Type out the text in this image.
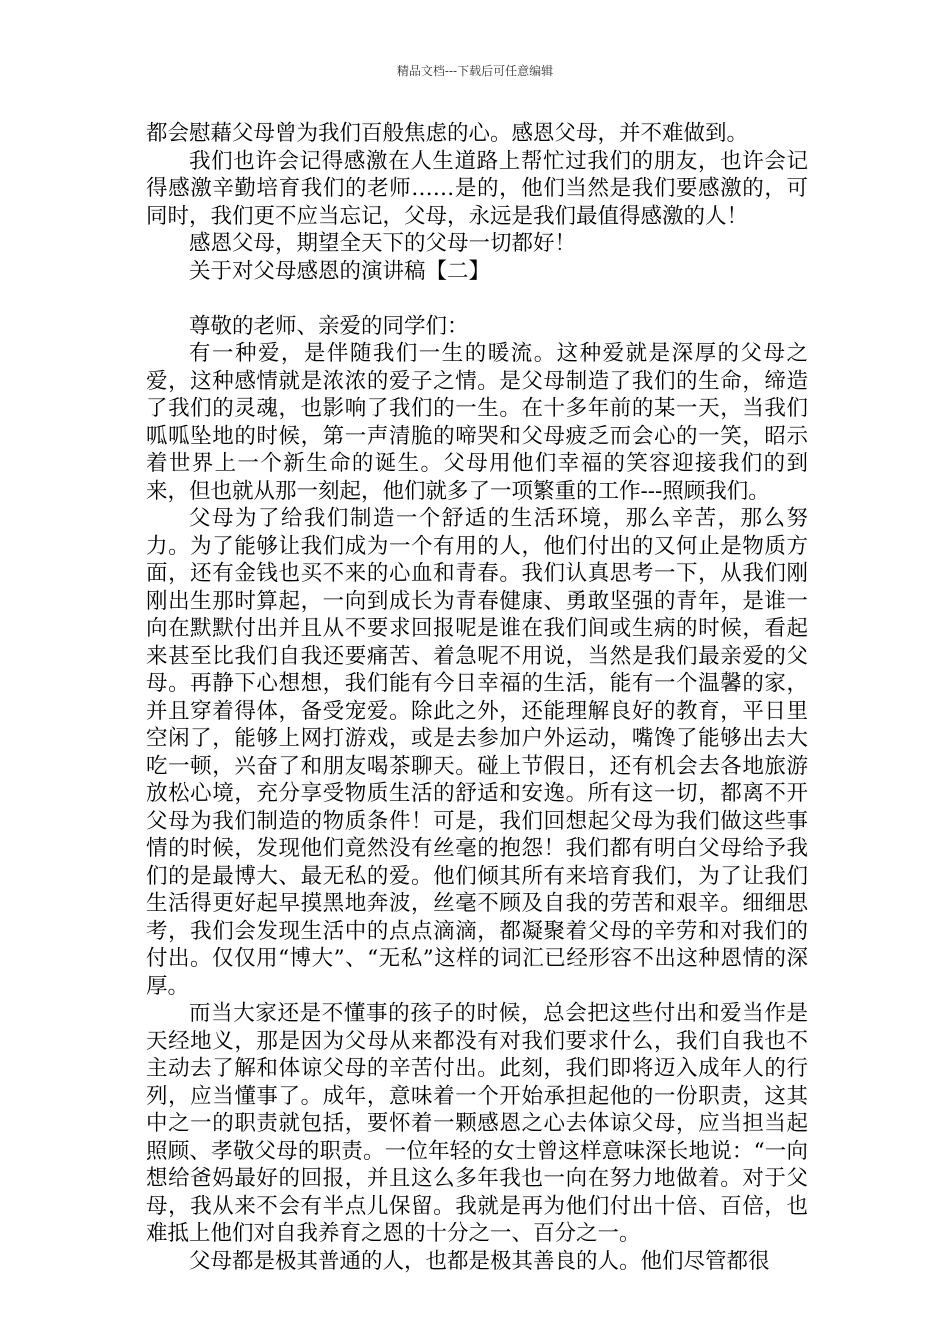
精品文档---下载后可任意编辑

都会慰藉父母曾为我们百般焦虑的心。感恩父母，并不难做到。

我们也许会记得感激在人生道路上帮忙过我们的朋友，也许会记得感激辛勤培育我们的老师……是的，他们当然是我们要感激的，可同时，我们更不应当忘记，父母，永远是我们最值得感激的人！

感恩父母，期望全天下的父母一切都好！

关于对父母感恩的演讲稿【二】

尊敬的老师、亲爱的同学们：

有一种爱，是伴随我们一生的暖流。这种爱就是深厚的父母之爱，这种感情就是浓浓的爱子之情。是父母制造了我们的生命，缔造了我们的灵魂，也影响了我们的一生。在十多年前的某一天，当我们呱呱坠地的时候，第一声清脆的啼哭和父母疲乏而会心的一笑，昭示着世界上一个新生命的诞生。父母用他们幸福的笑容迎接我们的到来，但也就从那一刻起，他们就多了一项繁重的工作---照顾我们。

父母为了给我们制造一个舒适的生活环境，那么辛苦，那么努力。为了能够让我们成为一个有用的人，他们付出的又何止是物质方面，还有金钱也买不来的心血和青春。我们认真思考一下，从我们刚刚出生那时算起，一向到成长为青春健康、勇敢坚强的青年，是谁一向在默默付出并且从不要求回报呢是谁在我们间或生病的时候，看起来甚至比我们自我还要痛苦、着急呢不用说，当然是我们最亲爱的父母。再静下心想想，我们能有今日幸福的生活，能有一个温馨的家，并且穿着得体，备受宠爱。除此之外，还能理解良好的教育，平日里空闲了，能够上网打游戏，或是去参加户外运动，嘴馋了能够出去大吃一顿，兴奋了和朋友喝茶聊天。碰上节假日，还有机会去各地旅游放松心境，充分享受物质生活的舒适和安逸。所有这一切，都离不开父母为我们制造的物质条件！可是，我们回想起父母为我们做这些事情的时候，发现他们竟然没有丝毫的抱怨！我们都有明白父母给予我们的是最博大、最无私的爱。他们倾其所有来培育我们，为了让我们生活得更好起早摸黑地奔波，丝毫不顾及自我的劳苦和艰辛。细细思考，我们会发现生活中的点点滴滴，都凝聚着父母的辛劳和对我们的付出。仅仅用“博大”、“无私”这样的词汇已经形容不出这种恩情的深厚。

而当大家还是不懂事的孩子的时候，总会把这些付出和爱当作是天经地义，那是因为父母从来都没有对我们要求什么，我们自我也不主动去了解和体谅父母的辛苦付出。此刻，我们即将迈入成年人的行列，应当懂事了。成年，意味着一个开始承担起他的一份职责，这其中之一的职责就包括，要怀着一颗感恩之心去体谅父母，应当担当起照顾、孝敬父母的职责。一位年轻的女士曾这样意味深长地说：“一向想给爸妈最好的回报，并且这么多年我也一向在努力地做着。对于父母，我从来不会有半点儿保留。我就是再为他们付出十倍、百倍，也难抵上他们对自我养育之恩的十分之一、百分之一。

父母都是极其普通的人，也都是极其善良的人。他们尽管都很
